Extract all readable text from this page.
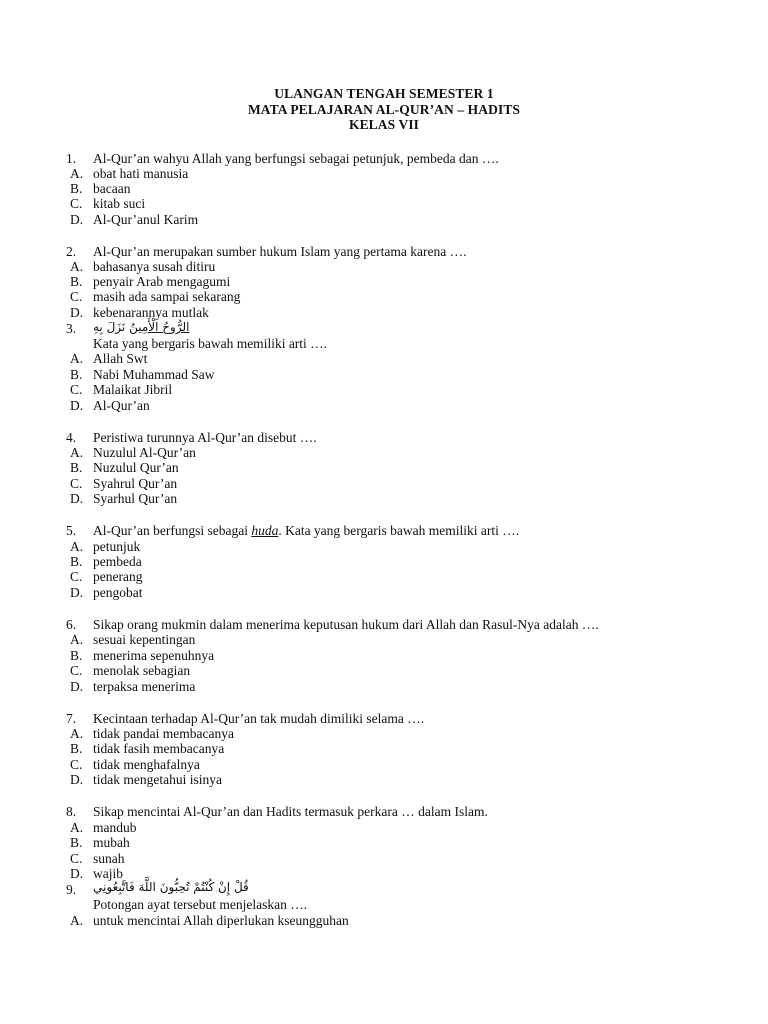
ULANGAN TENGAH SEMESTER 1
MATA PELAJARAN AL-QUR’AN – HADITS
KELAS VII
1. Al-Qur’an wahyu Allah yang berfungsi sebagai petunjuk, pembeda dan ….
A. obat hati manusia
B. bacaan
C. kitab suci
D. Al-Qur’anul Karim
2. Al-Qur’an merupakan sumber hukum Islam yang pertama karena ….
A. bahasanya susah ditiru
B. penyair Arab mengagumi
C. masih ada sampai sekarang
D. kebenarannya mutlak
3.	الرُّوحُ الْأَمِينُ نَزَلَ بِهِ
Kata yang bergaris bawah memiliki arti ….
A. Allah Swt
B. Nabi Muhammad Saw
C. Malaikat Jibril
D. Al-Qur’an
4. Peristiwa turunnya Al-Qur’an disebut ….
A. Nuzulul Al-Qur’an
B. Nuzulul Qur’an
C. Syahrul Qur’an
D. Syarhul Qur’an
5. Al-Qur’an berfungsi sebagai huda. Kata yang bergaris bawah memiliki arti ….
A. petunjuk
B. pembeda
C. penerang
D. pengobat
6. Sikap orang mukmin dalam menerima keputusan hukum dari Allah dan Rasul-Nya adalah ….
A. sesuai kepentingan
B. menerima sepenuhnya
C. menolak sebagian
D. terpaksa menerima
7. Kecintaan terhadap Al-Qur’an tak mudah dimiliki selama ….
A. tidak pandai membacanya
B. tidak fasih membacanya
C. tidak menghafalnya
D. tidak mengetahui isinya
8. Sikap mencintai Al-Qur’an dan Hadits termasuk perkara … dalam Islam.
A. mandub
B. mubah
C. sunah
D. wajib
9. قُلْ إِنْ كُنْتُمْ تُحِبُّونَ اللَّهَ فَاتَّبِعُونِي
Potongan ayat tersebut menjelaskan ….
A. untuk mencintai Allah diperlukan kseungguhan
